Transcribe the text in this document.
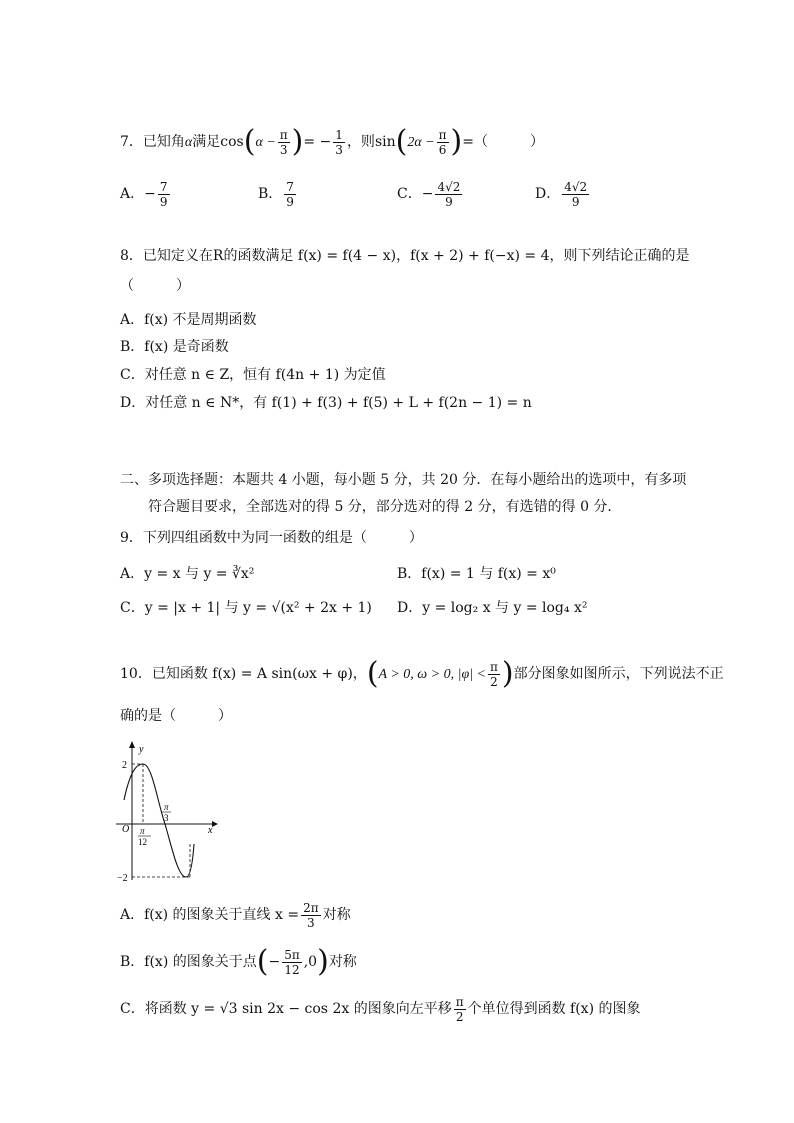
7．已知角α满足$\cos(\alpha - \frac{\pi}{3}$ )= − $\frac{1}{3}$ ，则$\sin(2\alpha - \frac{\pi}{6}$ )=（　　　）
A．− $\frac{7}{9}$	B． $\frac{7}{9}$	C．− $\frac{4√2}{9}$	D． $\frac{4√2}{9}$
8．已知定义在R的函数满足 f(x) = f(4 − x)，f(x + 2) + f(−x) = 4，则下列结论正确的是
（　　　）
A．f(x) 不是周期函数
B．f(x) 是奇函数
C．对任意 n ∈ Z，恒有 f(4n + 1) 为定值
D．对任意 n ∈ N*，有 f(1) + f(3) + f(5) + L + f(2n − 1) = n
二、多项选择题：本题共 4 小题，每小题 5 分，共 20 分．在每小题给出的选项中，有多项
符合题目要求，全部选对的得 5 分，部分选对的得 2 分，有选错的得 0 分．
9．下列四组函数中为同一函数的组是（　　　）
A．y = x 与 y = ∛x²	B．f(x) = 1 与 f(x) = x⁰
C．y = |x + 1| 与 y = √(x² + 2x + 1) D．y = log₂ x 与 y = log₄ x²
10．已知函数 f(x) = A sin(ωx + φ)，(A > 0, ω > 0, $|\varphi| < \frac{\pi}{2}$ )部分图象如图所示，下列说法不正
确的是（　　　）
y
x
O
2
−2
π
12
π
3
A．f(x) 的图象关于直线 $x = \frac{2\pi}{3}$ 对称
B．f(x) 的图象关于点(− $\frac{5\pi}{12} ,0$)对称
C．将函数 y = √3 sin 2x − cos 2x 的图象向左平移 $\frac{\pi}{2}$ 个单位得到函数 f(x) 的图象
